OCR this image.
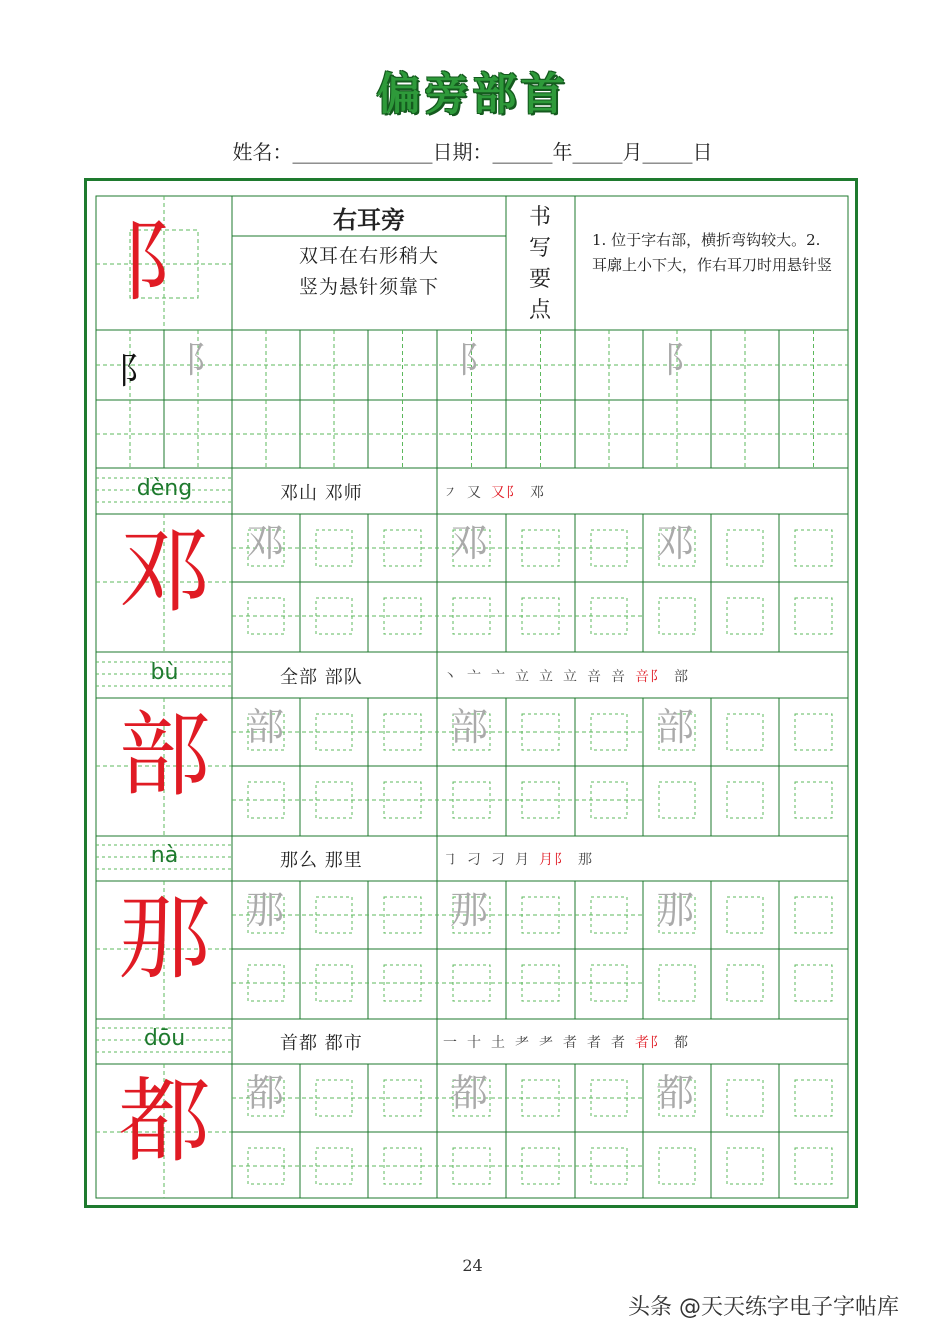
偏旁部首
姓名：______________日期：______年_____月_____日
阝	右耳旁
双耳在右形稍大
竖为悬针须靠下
书
写
要
点
1. 位于字右部，横折弯钩较大。2. 耳廓上小下大，作右耳刀时用悬针竖
阝 阝	阝	阝
dèng	邓山 邓师	㇇ 又 又阝 邓
邓 邓	邓	邓
bù	全部 部队	丶 亠 亠 立 立 立 咅 咅 咅阝 部
部 部	部	部
nà	那么 那里	㇆ 刁 刁 月 月阝 那
那 那	那	那
dōu	首都 都市	一 十 土 耂 耂 者 者 者 者阝 都
都 都	都	都
24
头条 @天天练字电子字帖库
